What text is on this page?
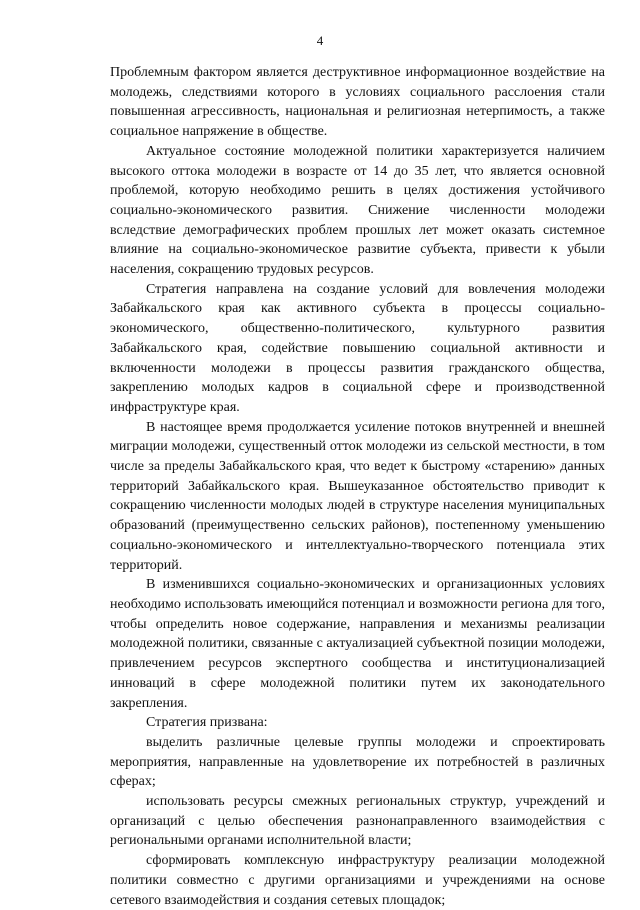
4

Проблемным фактором является деструктивное информационное воздействие на молодежь, следствиями которого в условиях социального расслоения стали повышенная агрессивность, национальная и религиозная нетерпимость, а также социальное напряжение в обществе.

Актуальное состояние молодежной политики характеризуется наличием высокого оттока молодежи в возрасте от 14 до 35 лет, что является основной проблемой, которую необходимо решить в целях достижения устойчивого социально-экономического развития. Снижение численности молодежи вследствие демографических проблем прошлых лет может оказать системное влияние на социально-экономическое развитие субъекта, привести к убыли населения, сокращению трудовых ресурсов.

Стратегия направлена на создание условий для вовлечения молодежи Забайкальского края как активного субъекта в процессы социально-экономического, общественно-политического, культурного развития Забайкальского края, содействие повышению социальной активности и включенности молодежи в процессы развития гражданского общества, закреплению молодых кадров в социальной сфере и производственной инфраструктуре края.

В настоящее время продолжается усиление потоков внутренней и внешней миграции молодежи, существенный отток молодежи из сельской местности, в том числе за пределы Забайкальского края, что ведет к быстрому «старению» данных территорий Забайкальского края. Вышеуказанное обстоятельство приводит к сокращению численности молодых людей в структуре населения муниципальных образований (преимущественно сельских районов), постепенному уменьшению социально-экономического и интеллектуально-творческого потенциала этих территорий.

В изменившихся социально-экономических и организационных условиях необходимо использовать имеющийся потенциал и возможности региона для того, чтобы определить новое содержание, направления и механизмы реализации молодежной политики, связанные с актуализацией субъектной позиции молодежи, привлечением ресурсов экспертного сообщества и институционализацией инноваций в сфере молодежной политики путем их законодательного закрепления.

Стратегия призвана:

выделить различные целевые группы молодежи и спроектировать мероприятия, направленные на удовлетворение их потребностей в различных сферах;

использовать ресурсы смежных региональных структур, учреждений и организаций с целью обеспечения разнонаправленного взаимодействия с региональными органами исполнительной власти;

сформировать комплексную инфраструктуру реализации молодежной политики совместно с другими организациями и учреждениями на основе сетевого взаимодействия и создания сетевых площадок;
